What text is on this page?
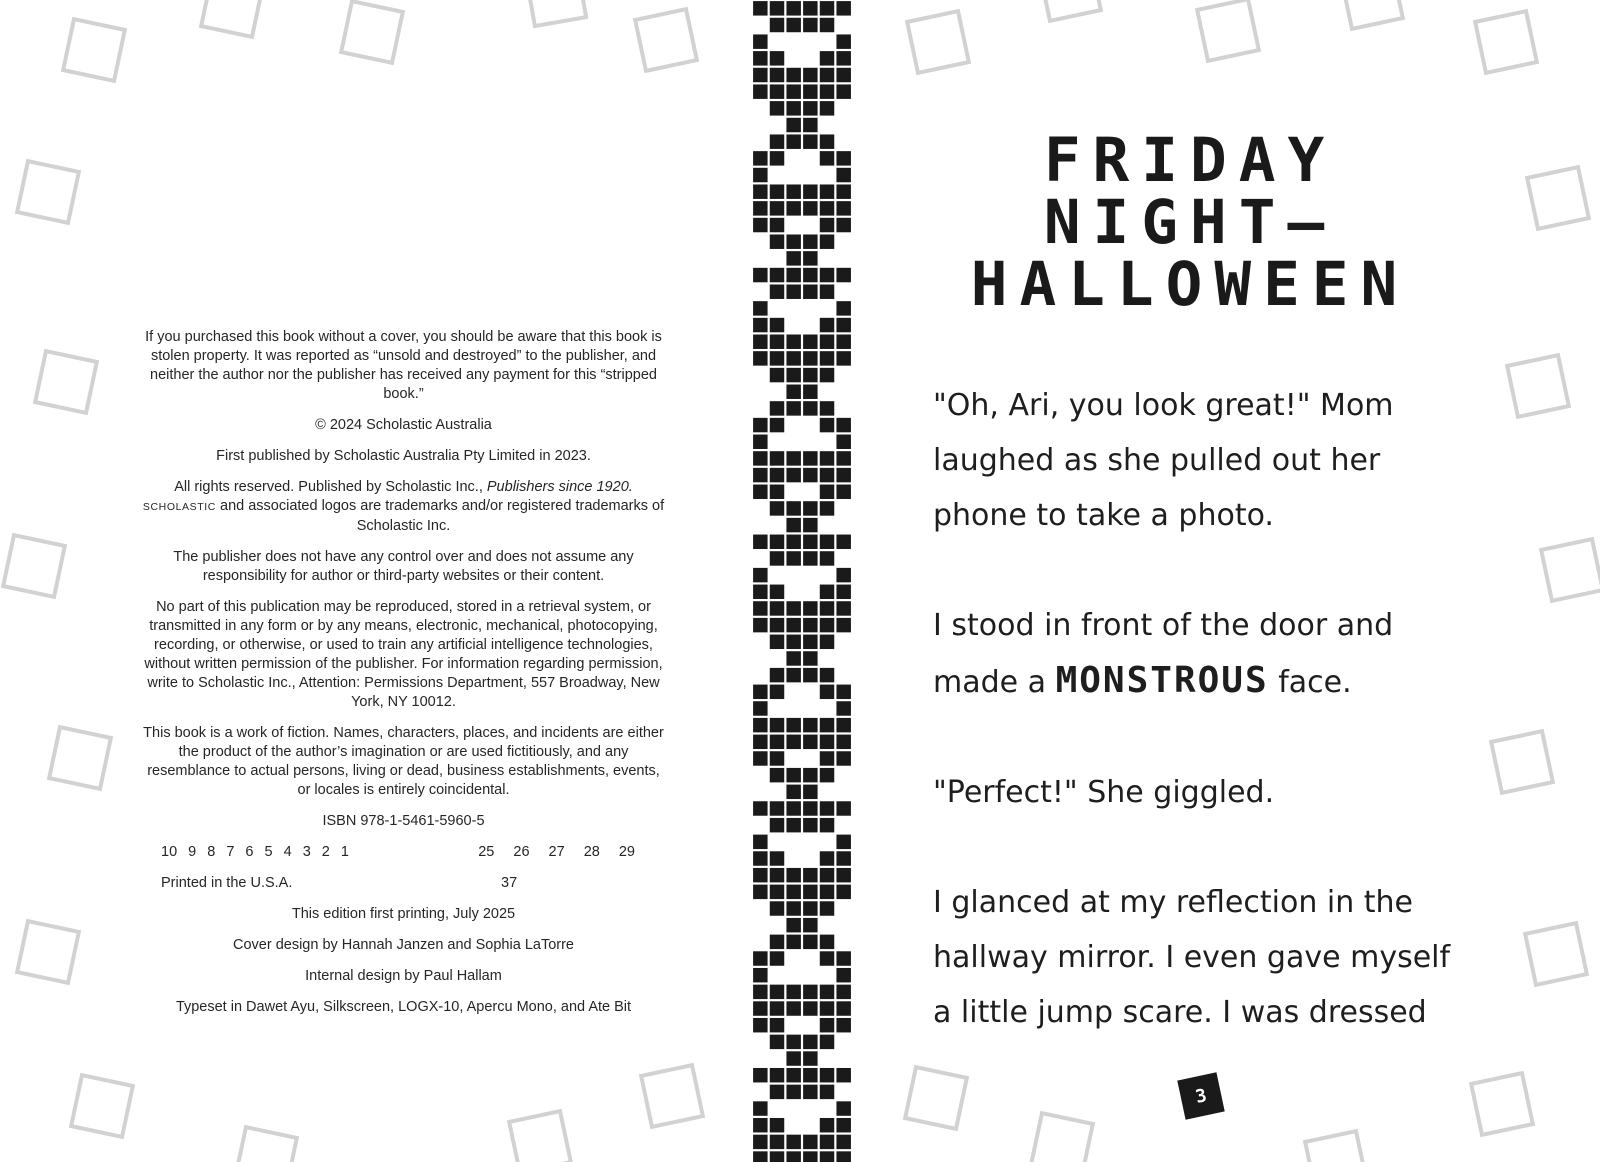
If you purchased this book without a cover, you should be aware that this book is stolen property. It was reported as “unsold and destroyed” to the publisher, and neither the author nor the publisher has received any payment for this “stripped book.”

© 2024 Scholastic Australia

First published by Scholastic Australia Pty Limited in 2023.

All rights reserved. Published by Scholastic Inc., Publishers since 1920. SCHOLASTIC and associated logos are trademarks and/or registered trademarks of Scholastic Inc.

The publisher does not have any control over and does not assume any responsibility for author or third-party websites or their content.

No part of this publication may be reproduced, stored in a retrieval system, or transmitted in any form or by any means, electronic, mechanical, photocopying, recording, or otherwise, or used to train any artificial intelligence technologies, without written permission of the publisher. For information regarding permission, write to Scholastic Inc., Attention: Permissions Department, 557 Broadway, New York, NY 10012.

This book is a work of fiction. Names, characters, places, and incidents are either the product of the author’s imagination or are used fictitiously, and any resemblance to actual persons, living or dead, business establishments, events, or locales is entirely coincidental.

ISBN 978-1-5461-5960-5

10 9 8 7 6 5 4 3 2 1	25 26 27 28 29
Printed in the U.S.A.	37

This edition first printing, July 2025

Cover design by Hannah Janzen and Sophia LaTorre

Internal design by Paul Hallam

Typeset in Dawet Ayu, Silkscreen, LOGX-10, Apercu Mono, and Ate Bit

FRIDAY
NIGHT—
HALLOWEEN

"Oh, Ari, you look great!" Mom laughed as she pulled out her phone to take a photo.

I stood in front of the door and made a MONSTROUS face.

"Perfect!" She giggled.

I glanced at my reflection in the hallway mirror. I even gave myself a little jump scare. I was dressed

3
